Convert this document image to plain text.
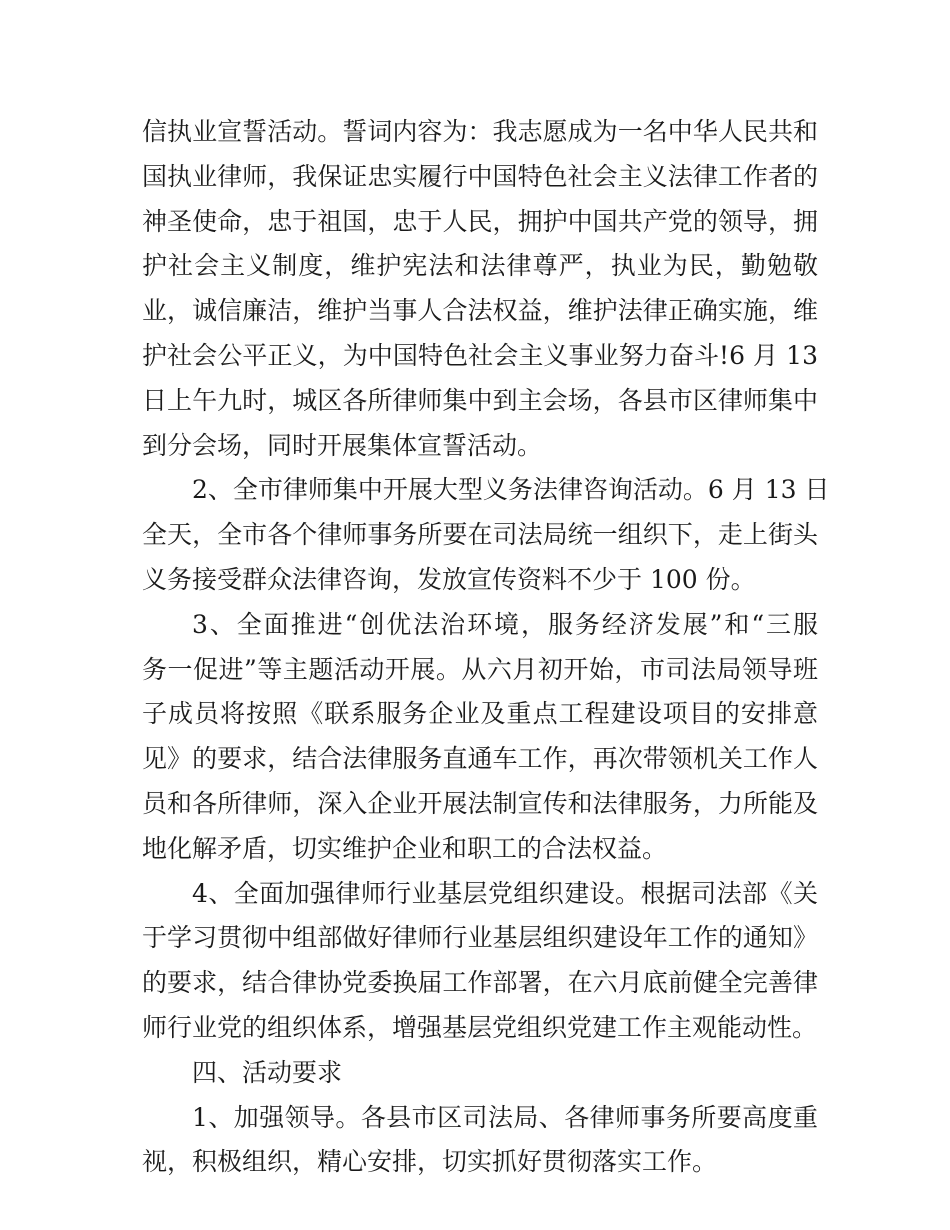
信执业宣誓活动。誓词内容为：我志愿成为一名中华人民共和
国执业律师，我保证忠实履行中国特色社会主义法律工作者的
神圣使命，忠于祖国，忠于人民，拥护中国共产党的领导，拥
护社会主义制度，维护宪法和法律尊严，执业为民，勤勉敬
业，诚信廉洁，维护当事人合法权益，维护法律正确实施，维
护社会公平正义，为中国特色社会主义事业努力奋斗!6 月 13
日上午九时，城区各所律师集中到主会场，各县市区律师集中
到分会场，同时开展集体宣誓活动。
2、全市律师集中开展大型义务法律咨询活动。6 月 13 日
全天，全市各个律师事务所要在司法局统一组织下，走上街头
义务接受群众法律咨询，发放宣传资料不少于 100 份。
3、全面推进“创优法治环境，服务经济发展”和“三服
务一促进”等主题活动开展。从六月初开始，市司法局领导班
子成员将按照《联系服务企业及重点工程建设项目的安排意
见》的要求，结合法律服务直通车工作，再次带领机关工作人
员和各所律师，深入企业开展法制宣传和法律服务，力所能及
地化解矛盾，切实维护企业和职工的合法权益。
4、全面加强律师行业基层党组织建设。根据司法部《关
于学习贯彻中组部做好律师行业基层组织建设年工作的通知》
的要求，结合律协党委换届工作部署，在六月底前健全完善律
师行业党的组织体系，增强基层党组织党建工作主观能动性。
四、活动要求
1、加强领导。各县市区司法局、各律师事务所要高度重
视，积极组织，精心安排，切实抓好贯彻落实工作。
